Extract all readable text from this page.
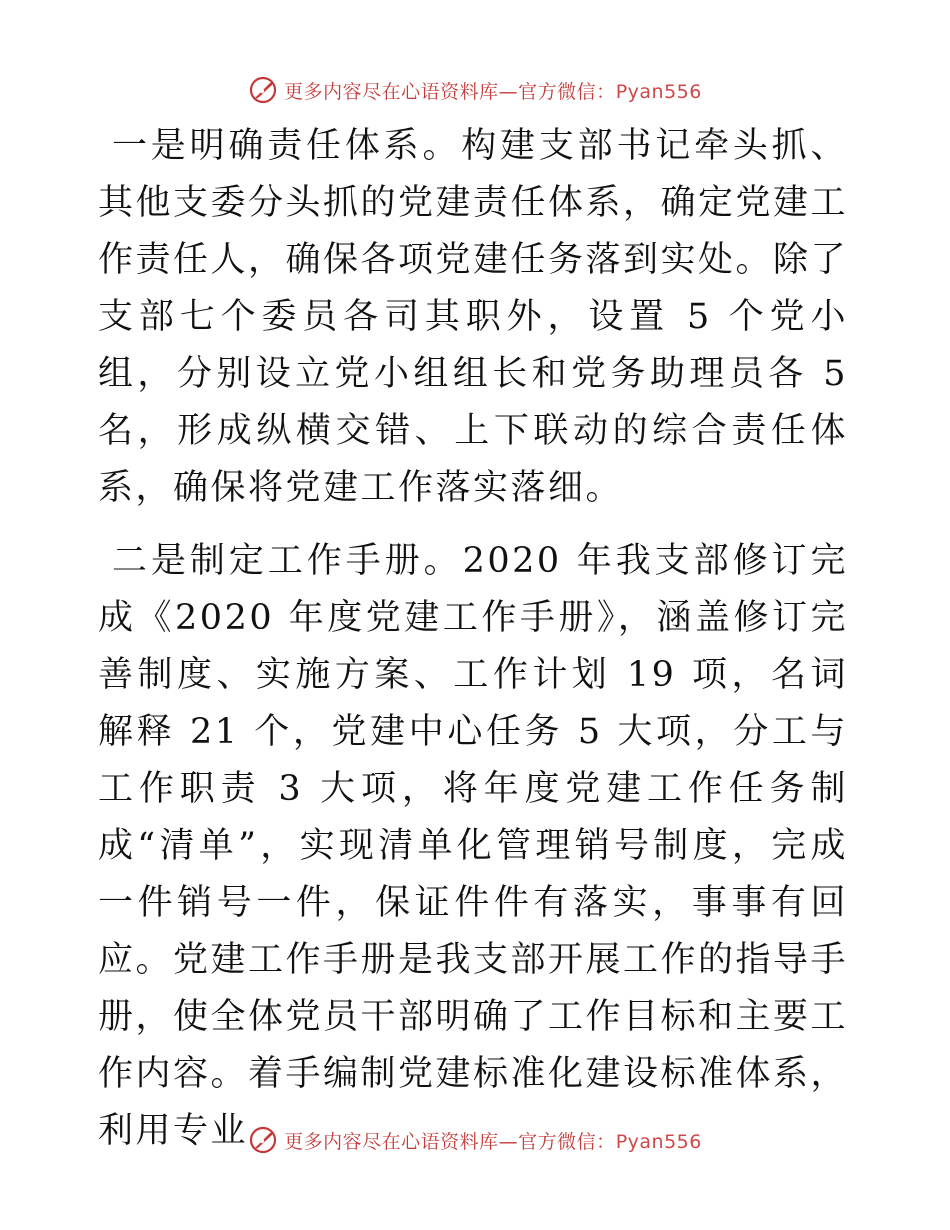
更多内容尽在心语资料库—官方微信：Pyan556

一是明确责任体系。构建支部书记牵头抓、其他支委分头抓的党建责任体系，确定党建工作责任人，确保各项党建任务落到实处。除了支部七个委员各司其职外，设置 5 个党小组，分别设立党小组组长和党务助理员各 5 名，形成纵横交错、上下联动的综合责任体系，确保将党建工作落实落细。

二是制定工作手册。2020 年我支部修订完成《2020 年度党建工作手册》，涵盖修订完善制度、实施方案、工作计划 19 项，名词解释 21 个，党建中心任务 5 大项，分工与工作职责 3 大项，将年度党建工作任务制成“清单”，实现清单化管理销号制度，完成一件销号一件，保证件件有落实，事事有回应。党建工作手册是我支部开展工作的指导手册，使全体党员干部明确了工作目标和主要工作内容。着手编制党建标准化建设标准体系，利用专业	更多内容尽在心语资料库—官方微信：Pyan556
